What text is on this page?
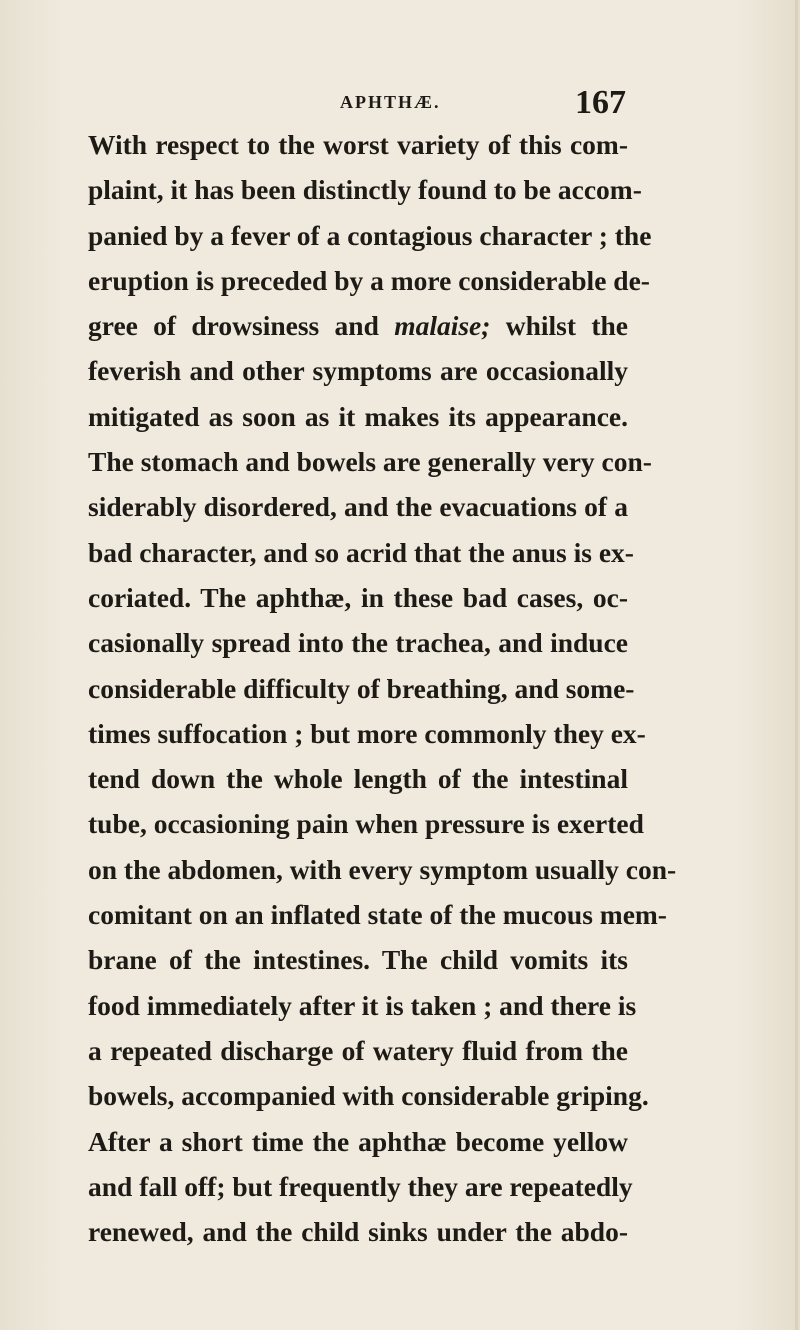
APHTHÆ.	167
With respect to the worst variety of this com-
plaint, it has been distinctly found to be accom-
panied by a fever of a contagious character ; the
eruption is preceded by a more considerable de-
gree of drowsiness and malaise; whilst the
feverish and other symptoms are occasionally
mitigated as soon as it makes its appearance.
The stomach and bowels are generally very con-
siderably disordered, and the evacuations of a
bad character, and so acrid that the anus is ex-
coriated. The aphthæ, in these bad cases, oc-
casionally spread into the trachea, and induce
considerable difficulty of breathing, and some-
times suffocation ; but more commonly they ex-
tend down the whole length of the intestinal
tube, occasioning pain when pressure is exerted
on the abdomen, with every symptom usually con-
comitant on an inflated state of the mucous mem-
brane of the intestines. The child vomits its
food immediately after it is taken ; and there is
a repeated discharge of watery fluid from the
bowels, accompanied with considerable griping.
After a short time the aphthæ become yellow
and fall off; but frequently they are repeatedly
renewed, and the child sinks under the abdo-
